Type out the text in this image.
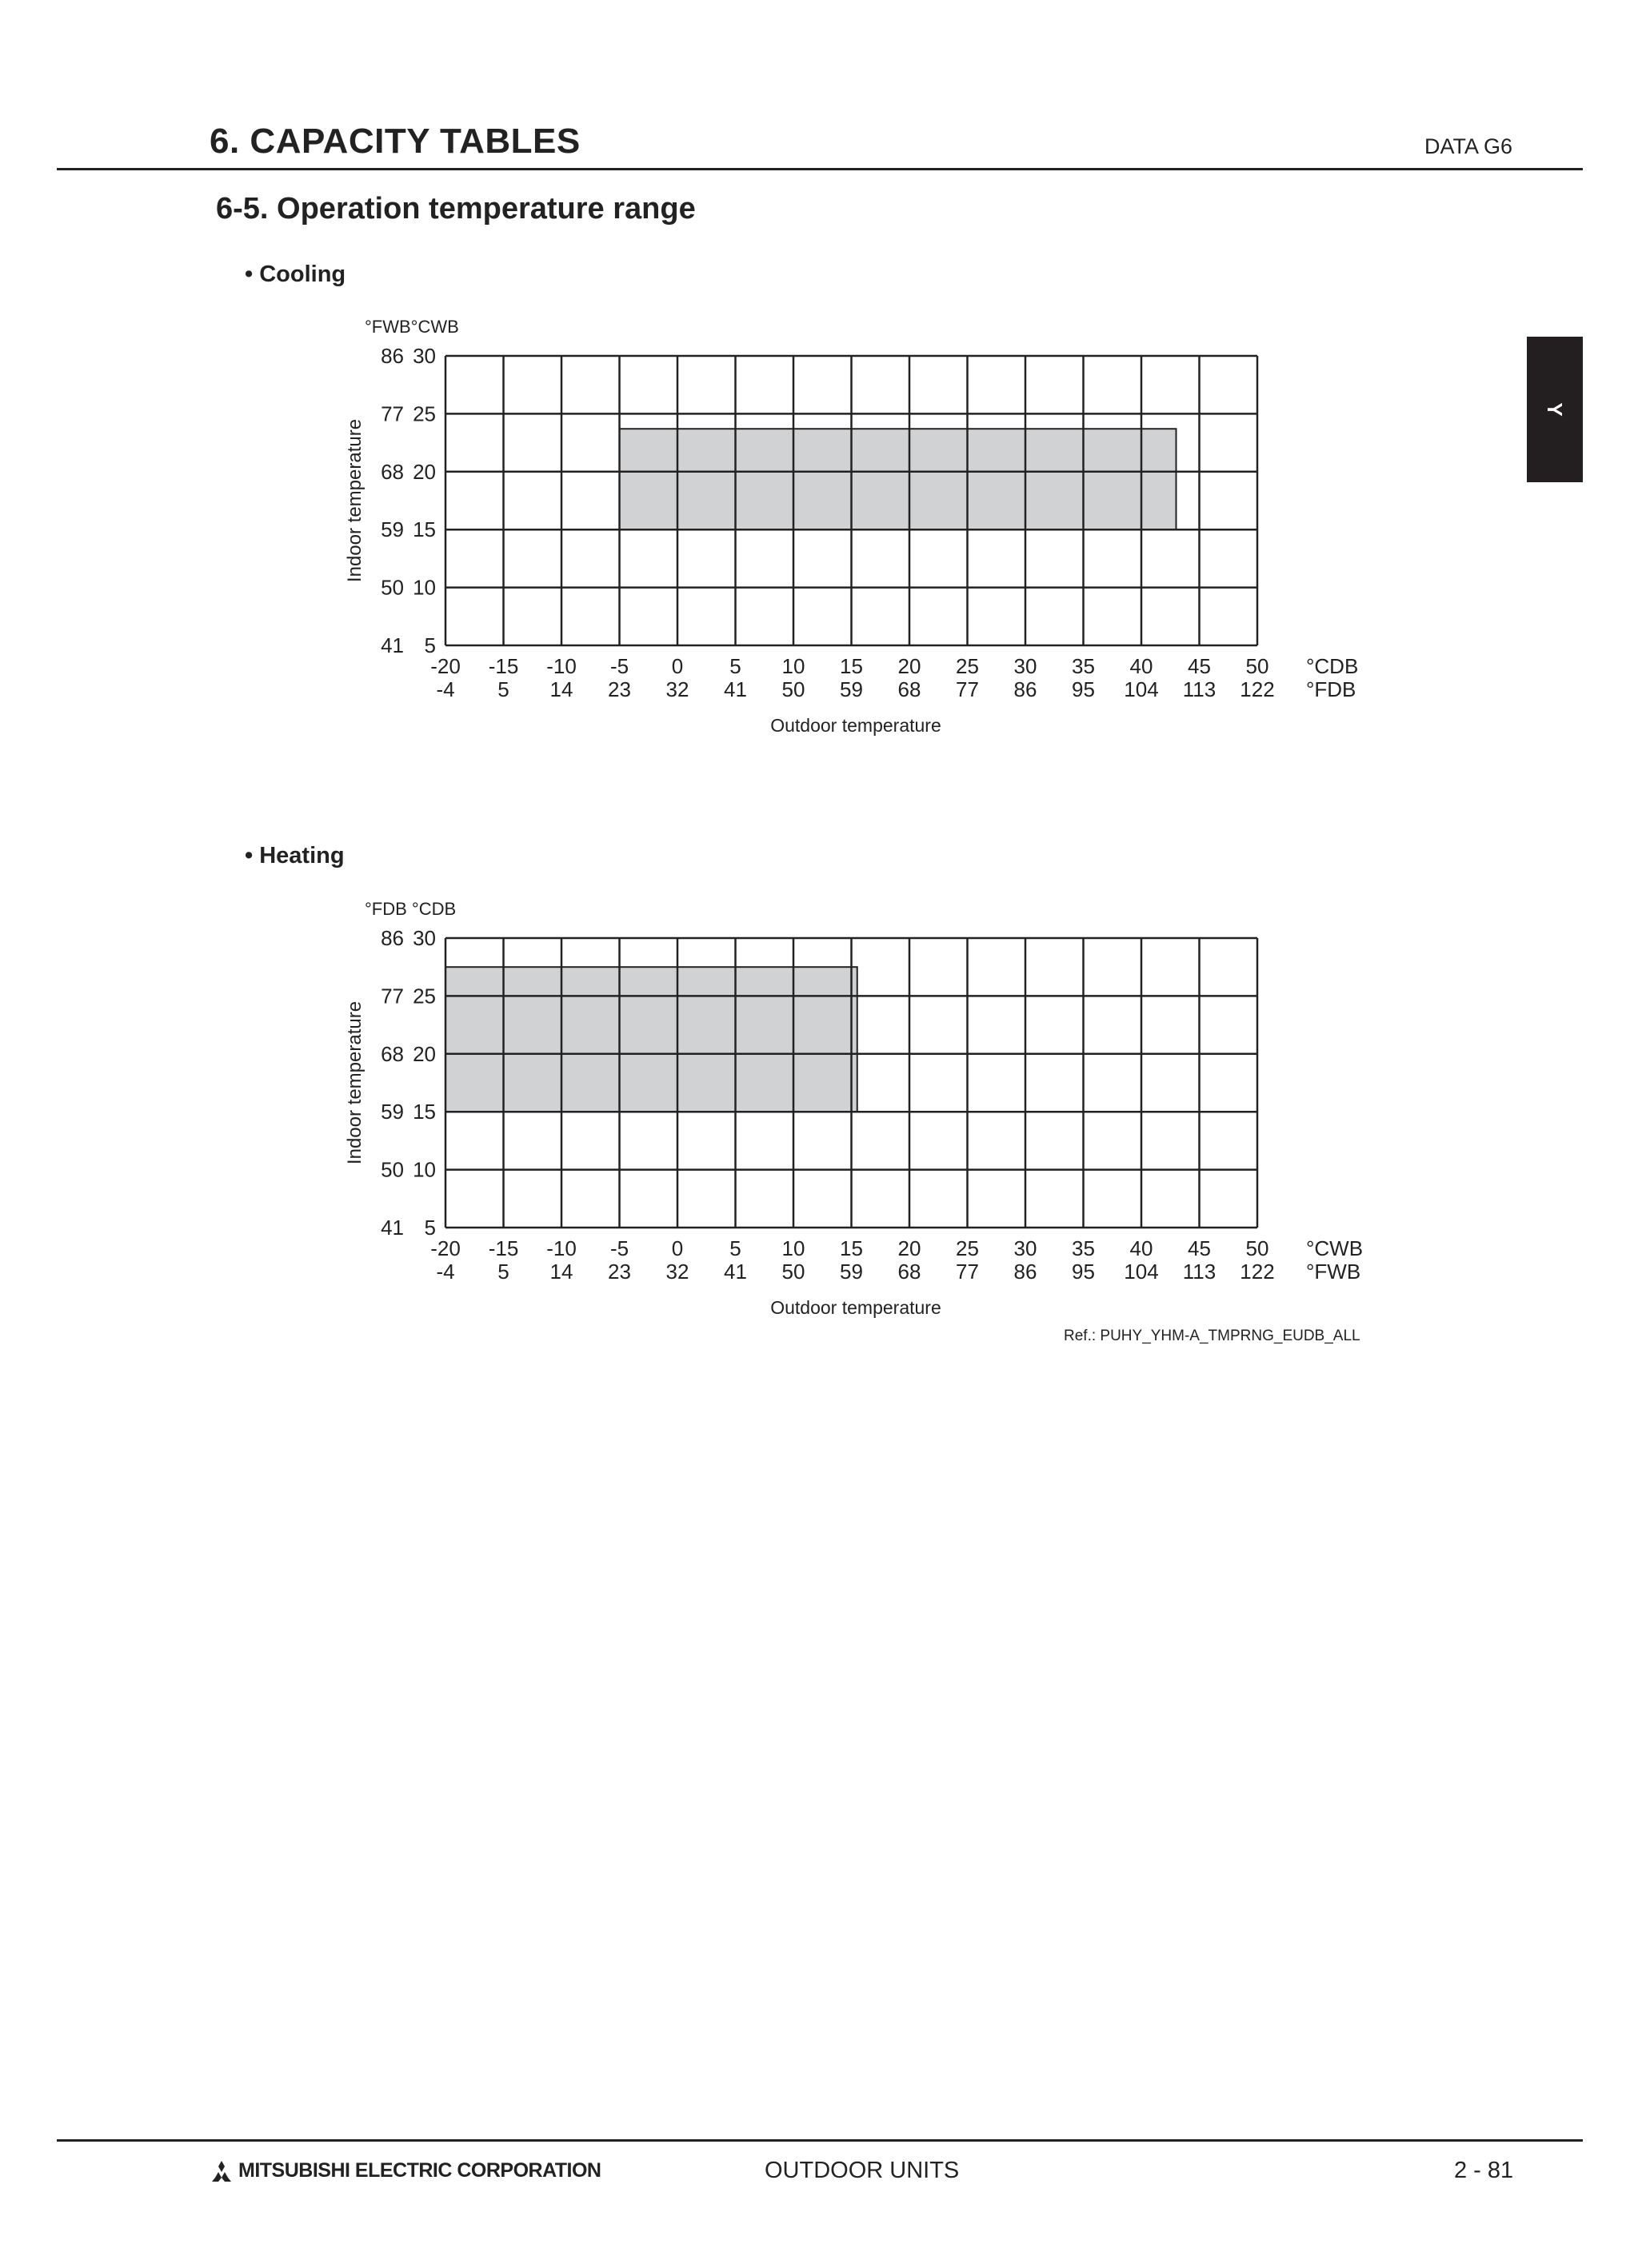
6. CAPACITY TABLES	DATA G6
6-5. Operation temperature range
Y
• Cooling
• Heating
41 5
50 10
59 15
68 20
77 25
86 30
-20
-4
-15
5
-10
14
-5
23
0
32
5
41
10
50
15
59
20
68
25
77
30
86
35
95
40
104
45
113
50
122
°CDB
°FDB
°FWB°CWB
Outdoor temperature
Indoor temperature
41 5
50 10
59 15
68 20
77 25
86 30
-20
-4
-15
5
-10
14
-5
23
0
32
5
41
10
50
15
59
20
68
25
77
30
86
35
95
40
104
45
113
50
122
°CWB
°FWB
°FDB °CDB
Outdoor temperature
Indoor temperature
Ref.: PUHY_YHM-A_TMPRNG_EUDB_ALL
MITSUBISHI ELECTRIC CORPORATION	OUTDOOR UNITS	2 - 81
